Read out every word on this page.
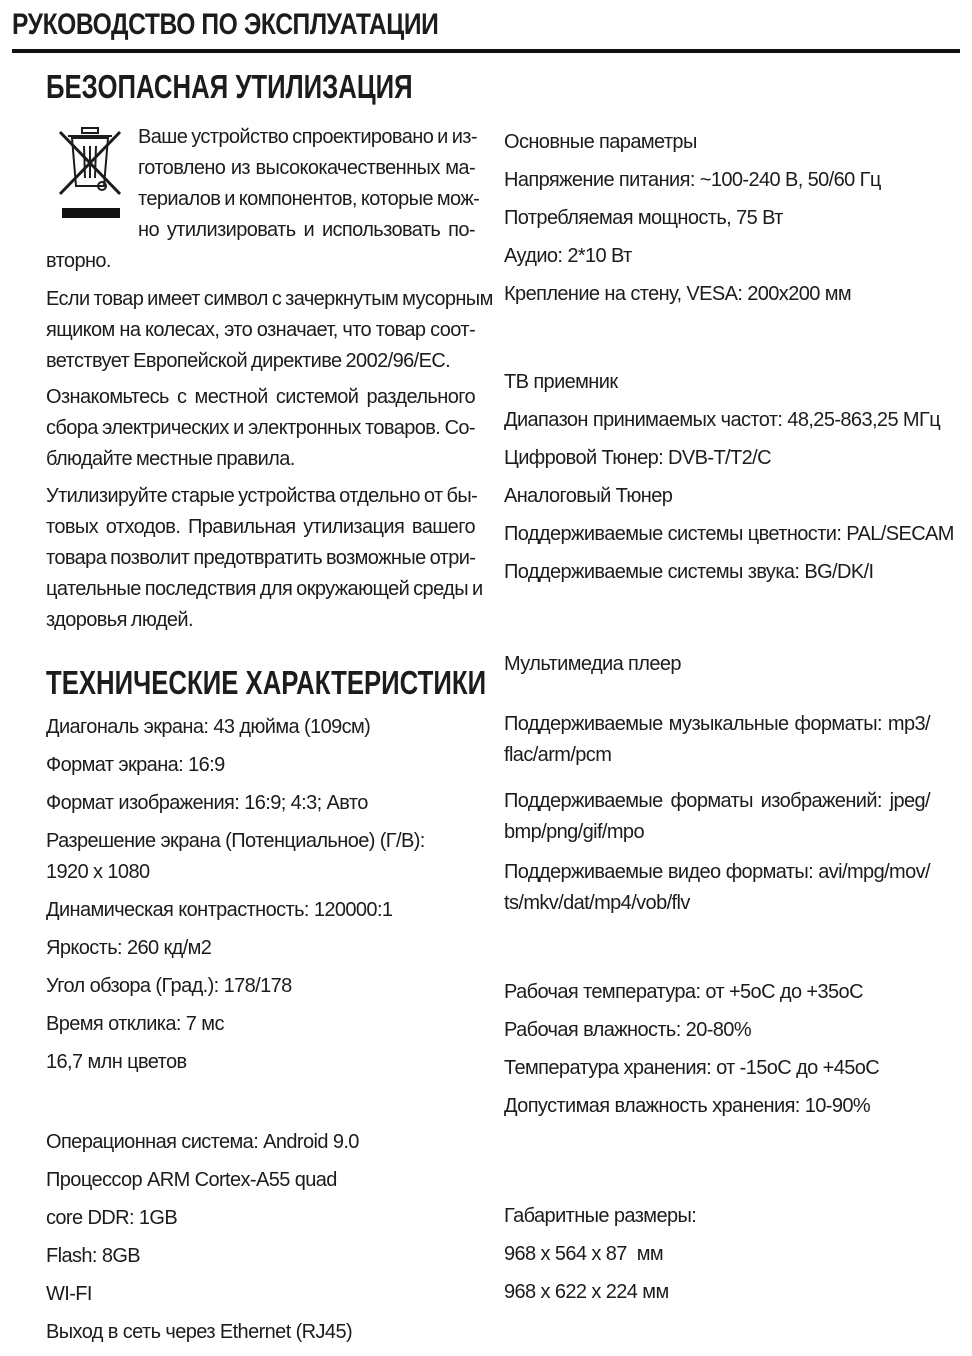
РУКОВОДСТВО ПО ЭКСПЛУАТАЦИИ
БЕЗОПАСНАЯ УТИЛИЗАЦИЯ
Ваше устройство спроектировано и из-
готовлено из высококачественных ма-
териалов и компонентов, которые мож-
но утилизировать и использовать по-
вторно.
Если товар имеет символ с зачеркнутым мусорным
ящиком на колесах, это означает, что товар соот-
ветствует Европейской директиве 2002/96/ЕС.
Ознакомьтесь с местной системой раздельного
сбора электрических и электронных товаров. Со-
блюдайте местные правила.
Утилизируйте старые устройства отдельно от бы-
товых отходов. Правильная утилизация вашего
товара позволит предотвратить возможные отри-
цательные последствия для окружающей среды и
здоровья людей.
ТЕХНИЧЕСКИЕ ХАРАКТЕРИСТИКИ
Диагональ экрана: 43 дюйма (109см)
Формат экрана: 16:9
Формат изображения: 16:9; 4:3; Авто
Разрешение экрана (Потенциальное) (Г/В):
1920 x 1080
Динамическая контрастность: 120000:1
Яркость: 260 кд/м2
Угол обзора (Град.): 178/178
Время отклика: 7 мс
16,7 млн цветов
Операционная система: Android 9.0
Процессор ARM Cortex-A55 quad
core DDR: 1GB
Flash: 8GB
WI-FI
Выход в сеть через Ethernet (RJ45)
Основные параметры
Напряжение питания: ~100-240 В, 50/60 Гц
Потребляемая мощность, 75 Вт
Аудио: 2*10 Вт
Крепление на стену, VESA: 200x200 мм
ТВ приемник
Диапазон принимаемых частот: 48,25-863,25 МГц
Цифровой Тюнер: DVB-T/T2/C
Аналоговый Тюнер
Поддерживаемые системы цветности: PAL/SECAM
Поддерживаемые системы звука: BG/DK/I
Мультимедиа плеер
Поддерживаемые музыкальные форматы: mp3/
flac/arm/pcm
Поддерживаемые форматы изображений: jpeg/
bmp/png/gif/mpo
Поддерживаемые видео форматы: avi/mpg/mov/
ts/mkv/dat/mp4/vob/flv
Рабочая температура: от +5оС до +35оС
Рабочая влажность: 20-80%
Температура хранения: от -15оС до +45оС
Допустимая влажность хранения: 10-90%
Габаритные размеры:
968 x 564 x 87  мм
968 x 622 x 224 мм
